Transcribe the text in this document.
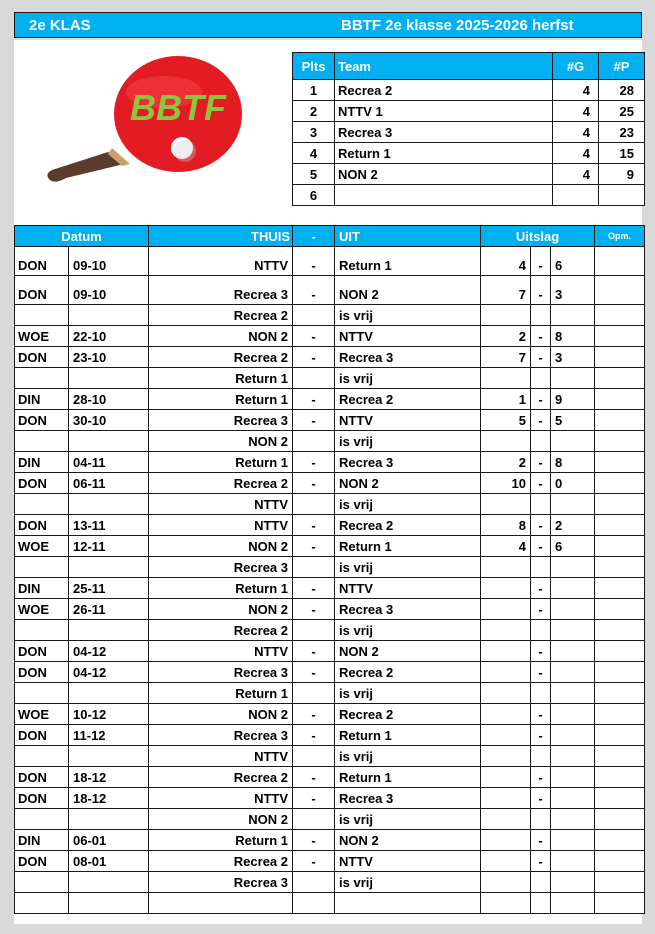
2e KLAS	BBTF 2e klasse 2025-2026 herfst
BBTF
Plts	Team	#G	#P
1	Recrea 2	4	28
2	NTTV 1	4	25
3	Recrea 3	4	23
4	Return 1	4	15
5	NON 2	4	9
6			
Datum		THUIS	-	UIT	Uitslag			Opm.
DON	09-10	NTTV	-	Return 1	4	-	6	
DON	09-10	Recrea 3	-	NON 2	7	-	3	
		Recrea 2		is vrij				
WOE	22-10	NON 2	-	NTTV	2	-	8	
DON	23-10	Recrea 2	-	Recrea 3	7	-	3	
		Return 1		is vrij				
DIN	28-10	Return 1	-	Recrea 2	1	-	9	
DON	30-10	Recrea 3	-	NTTV	5	-	5	
		NON 2		is vrij				
DIN	04-11	Return 1	-	Recrea 3	2	-	8	
DON	06-11	Recrea 2	-	NON 2	10	-	0	
		NTTV		is vrij				
DON	13-11	NTTV	-	Recrea 2	8	-	2	
WOE	12-11	NON 2	-	Return 1	4	-	6	
		Recrea 3		is vrij				
DIN	25-11	Return 1	-	NTTV		-		
WOE	26-11	NON 2	-	Recrea 3		-		
		Recrea 2		is vrij				
DON	04-12	NTTV	-	NON 2		-		
DON	04-12	Recrea 3	-	Recrea 2		-		
		Return 1		is vrij				
WOE	10-12	NON 2	-	Recrea 2		-		
DON	11-12	Recrea 3	-	Return 1		-		
		NTTV		is vrij				
DON	18-12	Recrea 2	-	Return 1		-		
DON	18-12	NTTV	-	Recrea 3		-		
		NON 2		is vrij				
DIN	06-01	Return 1	-	NON 2		-		
DON	08-01	Recrea 2	-	NTTV		-		
		Recrea 3		is vrij				
